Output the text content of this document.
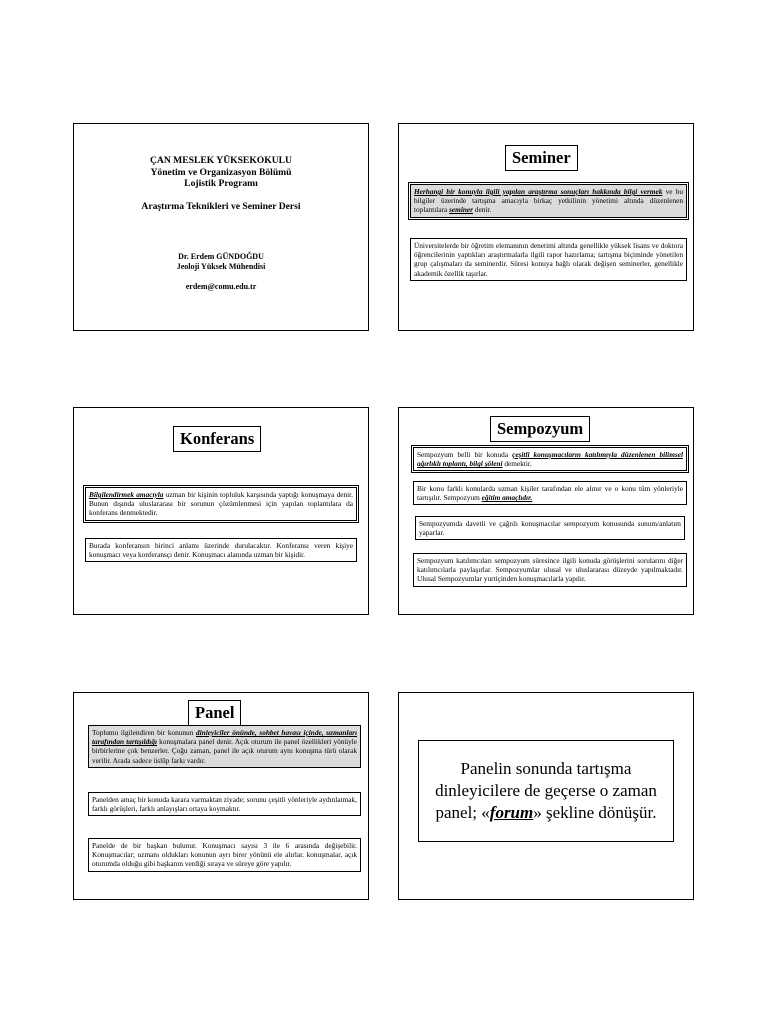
ÇAN MESLEK YÜKSEKOKULU
Yönetim ve Organizasyon Bölümü
Lojistik Programı
Araştırma Teknikleri ve Seminer Dersi
Dr. Erdem GÜNDOĞDU
Jeoloji Yüksek Mühendisi
erdem@comu.edu.tr
Seminer
Herhangi bir konuyla ilgili yapılan araştırma sonuçları hakkında bilgi vermek ve bu bilgiler üzerinde tartışma amacıyla birkaç yetkilinin yönetimi altında düzenlenen toplantılara seminer denir.
Üniversitelerde bir öğretim elemanının denetimi altında genellikle yüksek lisans ve doktora öğrencilerinin yaptıkları araştırmalarla ilgili rapor hazırlama; tartışma biçiminde yönetilen grup çalışmaları da seminerdir. Süresi konuya bağlı olarak değişen seminerler, genellikle akademik özellik taşırlar.
Konferans
Bilgilendirmek amacıyla uzman bir kişinin topluluk karşısında yaptığı konuşmaya denir. Bunun dışında uluslararası bir sorunun çözümlenmesi için yapılan toplantılara da konferans denmektedir.
Burada konferansın birinci anlamı üzerinde durulacaktır. Konferansı veren kişiye konuşmacı veya konferansçı denir. Konuşmacı alanında uzman bir kişidir.
Sempozyum
Sempozyum belli bir konuda çeşitli konuşmacıların katılımıyla düzenlenen bilimsel ağırlıklı toplantı, bilgi şöleni demektir.
Bir konu farklı konularda uzman kişiler tarafından ele alınır ve o konu tüm yönleriyle tartışılır. Sempozyum eğitim amaçlıdır.
Sempozyumda davetli ve çağrılı konuşmacılar sempozyum konusunda sunum/anlatım yaparlar.
Sempozyum katılımcıları sempozyum süresince ilgili konuda görüşlerini sorularını diğer katılımcılarla paylaşırlar. Sempozyumlar ulusal ve uluslararası düzeyde yapılmaktadır. Ulusal Sempozyumlar yurtiçinden konuşmacılarla yapılır.
Panel
Toplumu ilgilendiren bir konunun dinleyiciler önünde, sohbet havası içinde, uzmanları tarafından tartışıldığı konuşmalara panel denir. Açık oturum ile panel özellikleri yönüyle birbirlerine çok benzerler. Çoğu zaman, panel ile açık oturum aynı konuşma türü olarak verilir. Arada sadece üslûp farkı vardır.
Panelden amaç bir konuda karara varmaktan ziyade; sorunu çeşitli yönleriyle aydınlatmak, farklı görüşleri, farklı anlayışları ortaya koymaktır.
Panelde de bir başkan bulunur. Konuşmacı sayısı 3 ile 6 arasında değişebilir. Konuşmacılar; uzmanı oldukları konunun ayrı birer yönünü ele alırlar. konuşmalar, açık oturumda olduğu gibi başkanın verdiği sıraya ve süreye göre yapılır.
Panelin sonunda tartışma dinleyicilere de geçerse o zaman panel; «forum» şekline dönüşür.
